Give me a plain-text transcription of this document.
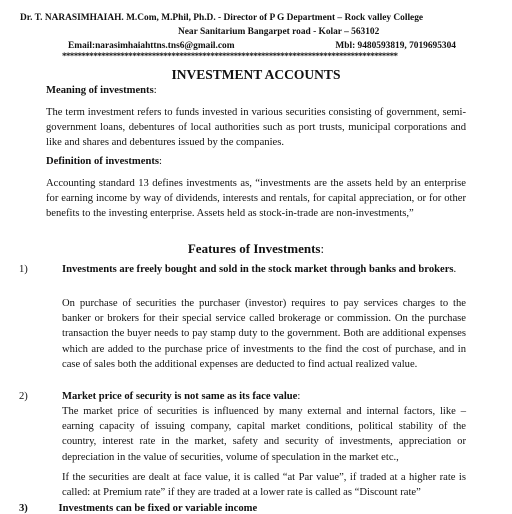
Dr. T. NARASIMHAIAH. M.Com, M.Phil, Ph.D. - Director of P G Department – Rock valley College
Near Sanitarium Bangarpet road - Kolar – 563102
Email:narasimhaiahttns.tns6@gmail.com	Mbl: 9480593819, 7019695304
**************************************************************************************
INVESTMENT ACCOUNTS
Meaning of investments:
The term investment refers to funds invested in various securities consisting of government, semi-government loans, debentures of local authorities such as port trusts, municipal corporations and like and shares and debentures issued by the companies.
Definition of investments:
Accounting standard 13 defines investments as, “investments are the assets held by an enterprise for earning income by way of dividends, interests and rentals, for capital appreciation, or for other benefits to the investing enterprise. Assets held as stock-in-trade are non-investments,”
Features of Investments:
1)	Investments are freely bought and sold in the stock market through banks and brokers.
On purchase of securities the purchaser (investor) requires to pay services charges to the banker or brokers for their special service called brokerage or commission. On the purchase transaction the buyer needs to pay stamp duty to the government. Both are additional expenses which are added to the purchase price of investments to the find the cost of purchase, and in case of sales both the additional expenses are deducted to find actual realized value.
2)	Market price of security is not same as its face value:
The market price of securities is influenced by many external and internal factors, like – earning capacity of issuing company, capital market conditions, political stability of the country, interest rate in the market, safety and security of investments, appreciation or depreciation in the value of securities, volume of speculation in the market etc.,
If the securities are dealt at face value, it is called “at Par value”, if traded at a higher rate is called: at Premium rate” if they are traded at a lower rate is called as “Discount rate”
3)	Investments can be fixed or variable income
